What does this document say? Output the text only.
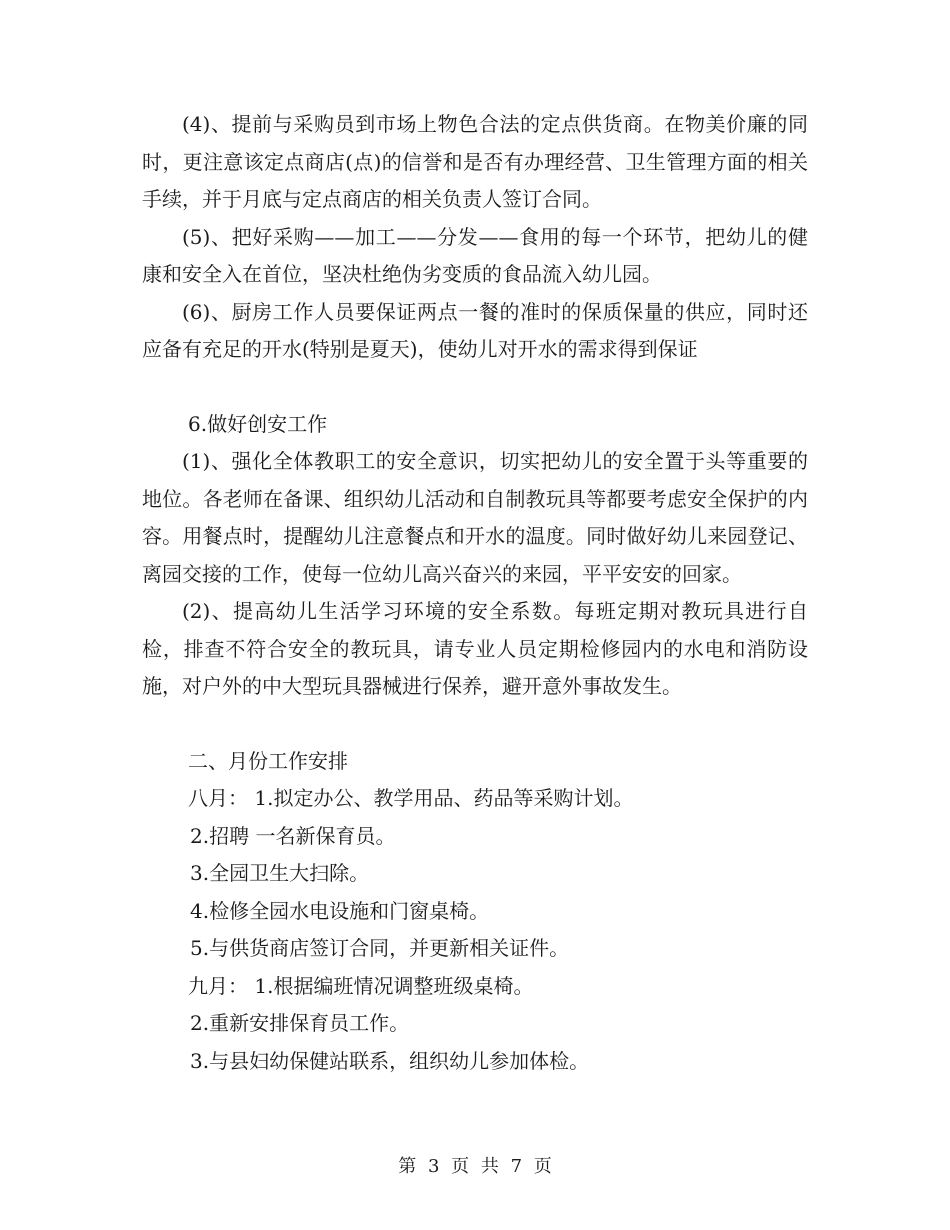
(4)、提前与采购员到市场上物色合法的定点供货商。在物美价廉的同时，更注意该定点商店(点)的信誉和是否有办理经营、卫生管理方面的相关手续，并于月底与定点商店的相关负责人签订合同。

(5)、把好采购——加工——分发——食用的每一个环节，把幼儿的健康和安全入在首位，坚决杜绝伪劣变质的食品流入幼儿园。

(6)、厨房工作人员要保证两点一餐的准时的保质保量的供应，同时还应备有充足的开水(特别是夏天)，使幼儿对开水的需求得到保证

6.做好创安工作

(1)、强化全体教职工的安全意识，切实把幼儿的安全置于头等重要的地位。各老师在备课、组织幼儿活动和自制教玩具等都要考虑安全保护的内容。用餐点时，提醒幼儿注意餐点和开水的温度。同时做好幼儿来园登记、离园交接的工作，使每一位幼儿高兴奋兴的来园，平平安安的回家。

(2)、提高幼儿生活学习环境的安全系数。每班定期对教玩具进行自检，排查不符合安全的教玩具，请专业人员定期检修园内的水电和消防设施，对户外的中大型玩具器械进行保养，避开意外事故发生。

二、月份工作安排

八月： 1.拟定办公、教学用品、药品等采购计划。

2.招聘 一名新保育员。

3.全园卫生大扫除。

4.检修全园水电设施和门窗桌椅。

5.与供货商店签订合同，并更新相关证件。

九月： 1.根据编班情况调整班级桌椅。

2.重新安排保育员工作。

3.与县妇幼保健站联系，组织幼儿参加体检。

第 3 页 共 7 页
